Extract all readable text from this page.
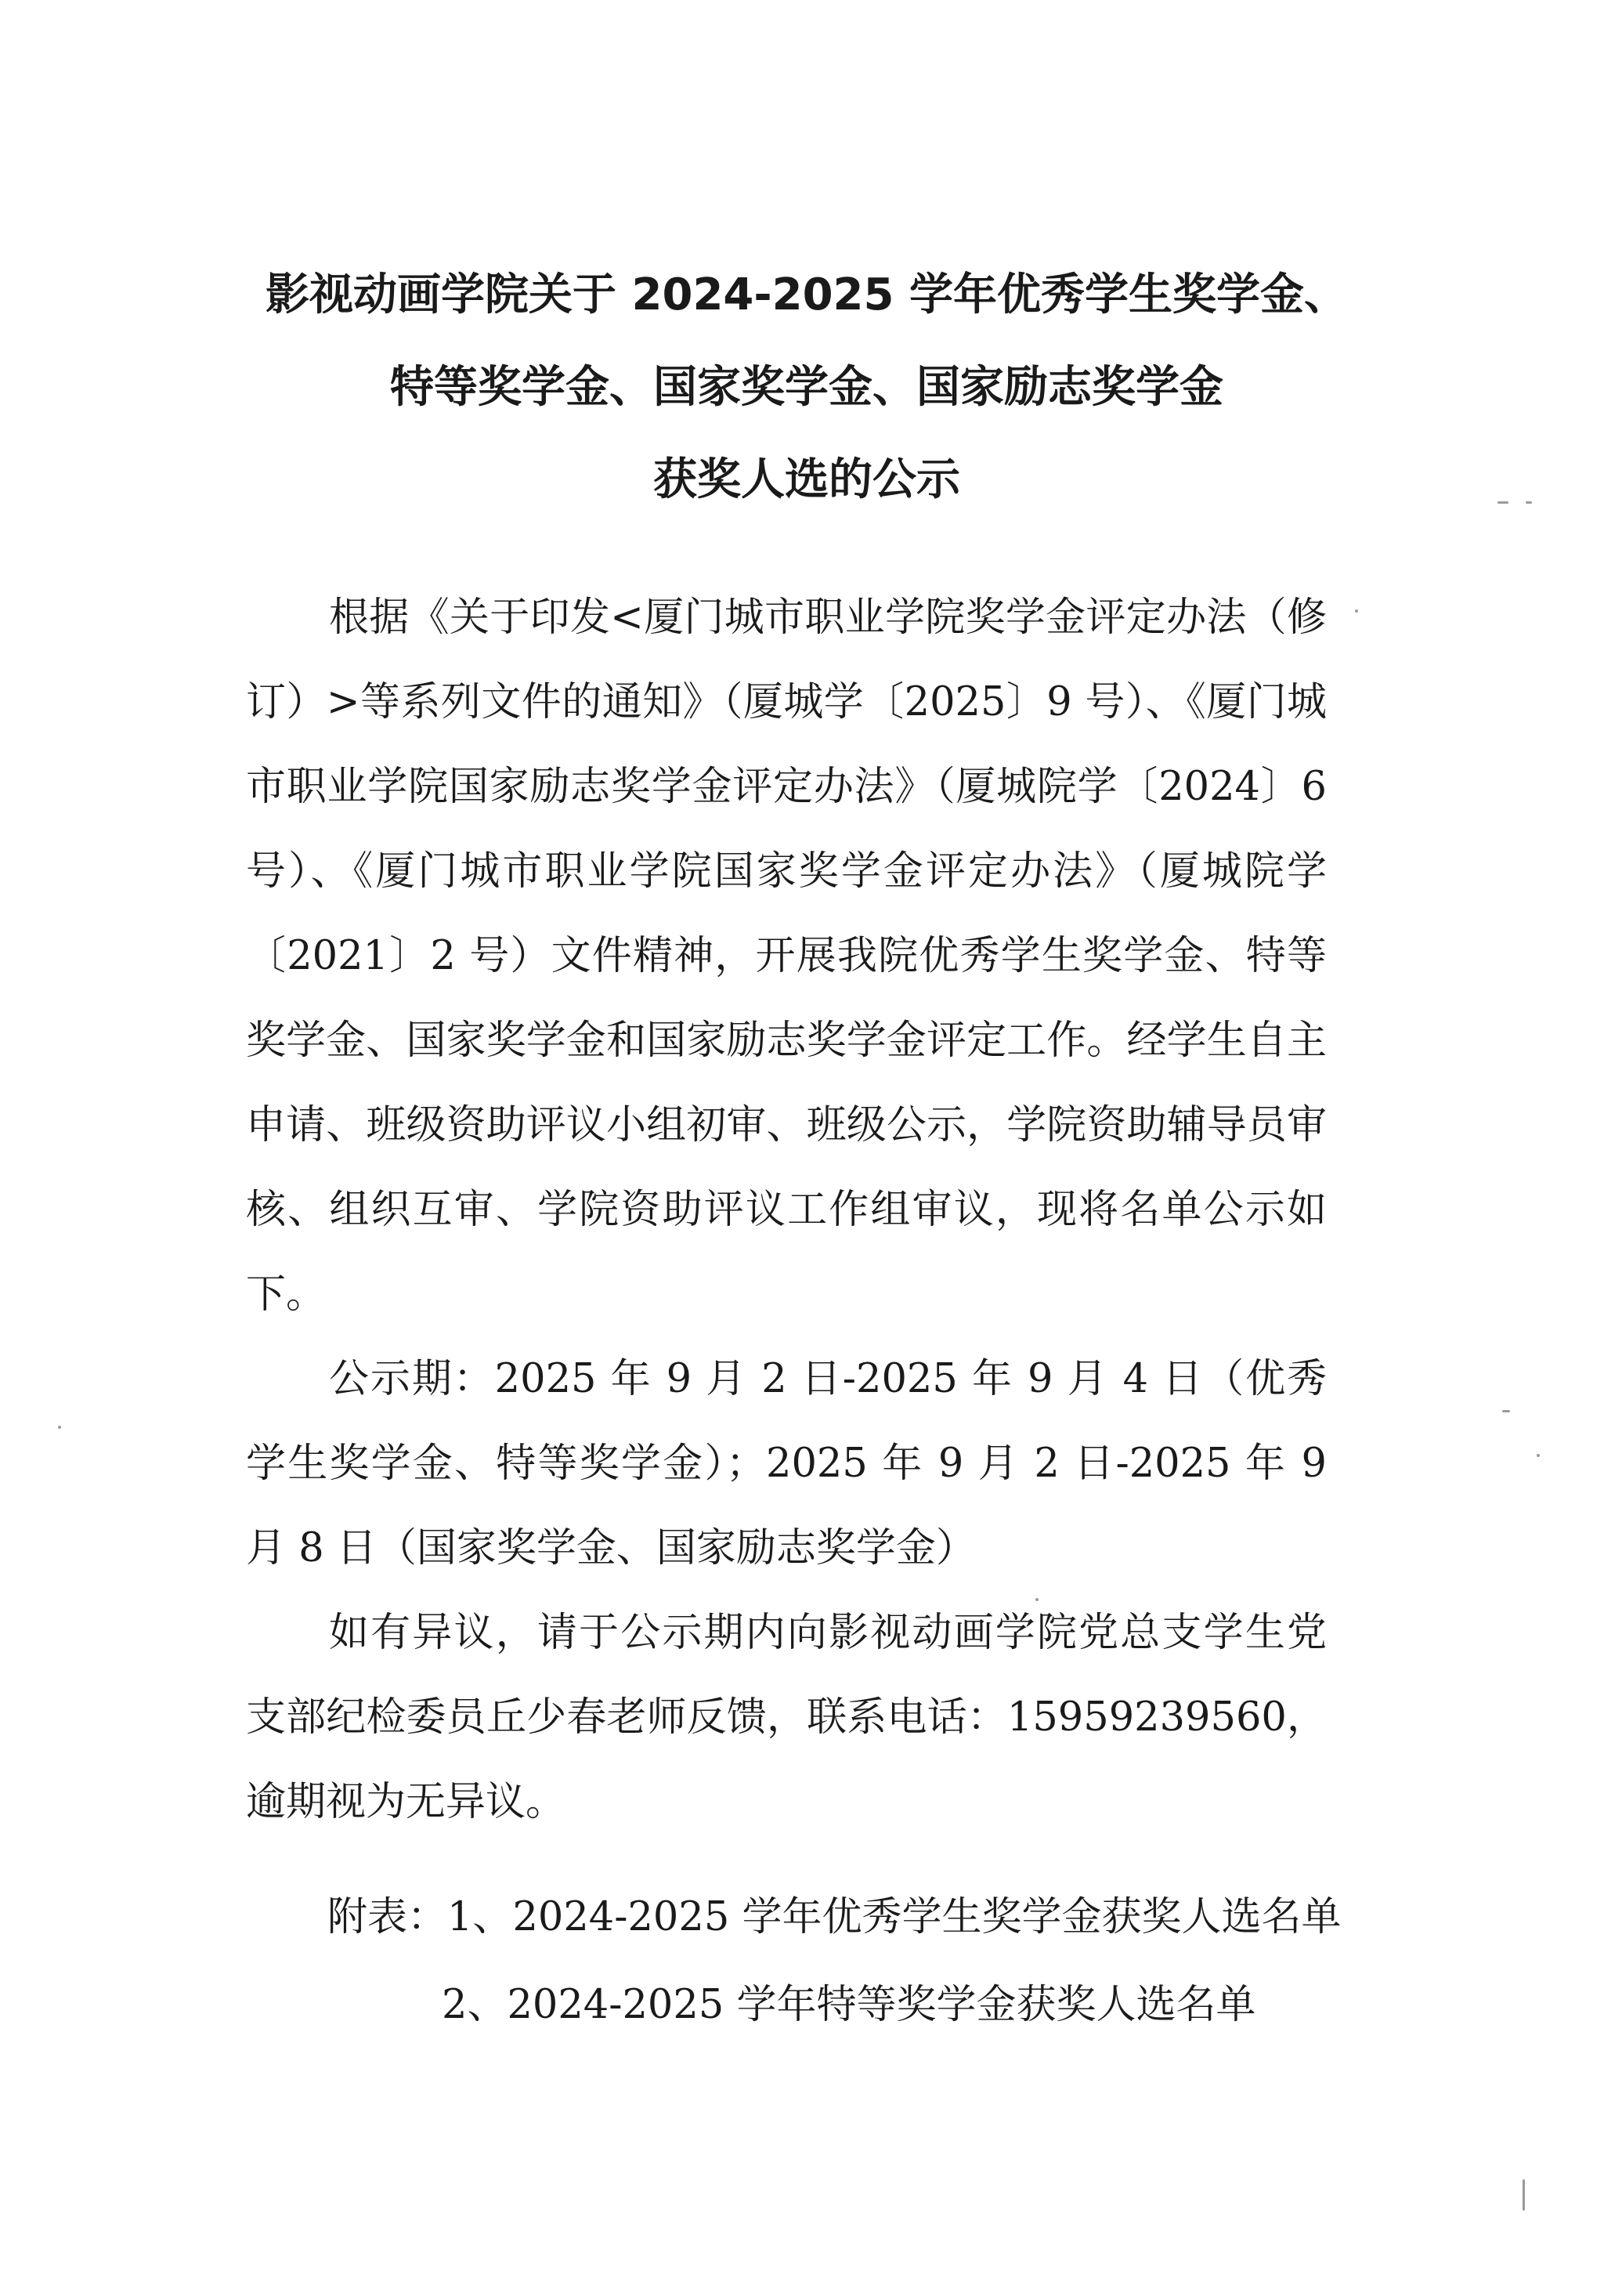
影视动画学院关于 2024-2025 学年优秀学生奖学金、
特等奖学金、国家奖学金、国家励志奖学金
获奖人选的公示

根据《关于印发<厦门城市职业学院奖学金评定办法（修订）>等系列文件的通知》（厦城学〔2025〕9 号）、《厦门城市职业学院国家励志奖学金评定办法》（厦城院学〔2024〕6 号）、《厦门城市职业学院国家奖学金评定办法》（厦城院学〔2021〕2 号）文件精神，开展我院优秀学生奖学金、特等奖学金、国家奖学金和国家励志奖学金评定工作。经学生自主申请、班级资助评议小组初审、班级公示，学院资助辅导员审核、组织互审、学院资助评议工作组审议，现将名单公示如下。

公示期：2025 年 9 月 2 日-2025 年 9 月 4 日（优秀学生奖学金、特等奖学金）；2025 年 9 月 2 日-2025 年 9 月 8 日（国家奖学金、国家励志奖学金）

如有异议，请于公示期内向影视动画学院党总支学生党支部纪检委员丘少春老师反馈，联系电话：15959239560，逾期视为无异议。

附表：1、2024-2025 学年优秀学生奖学金获奖人选名单
2、2024-2025 学年特等奖学金获奖人选名单
